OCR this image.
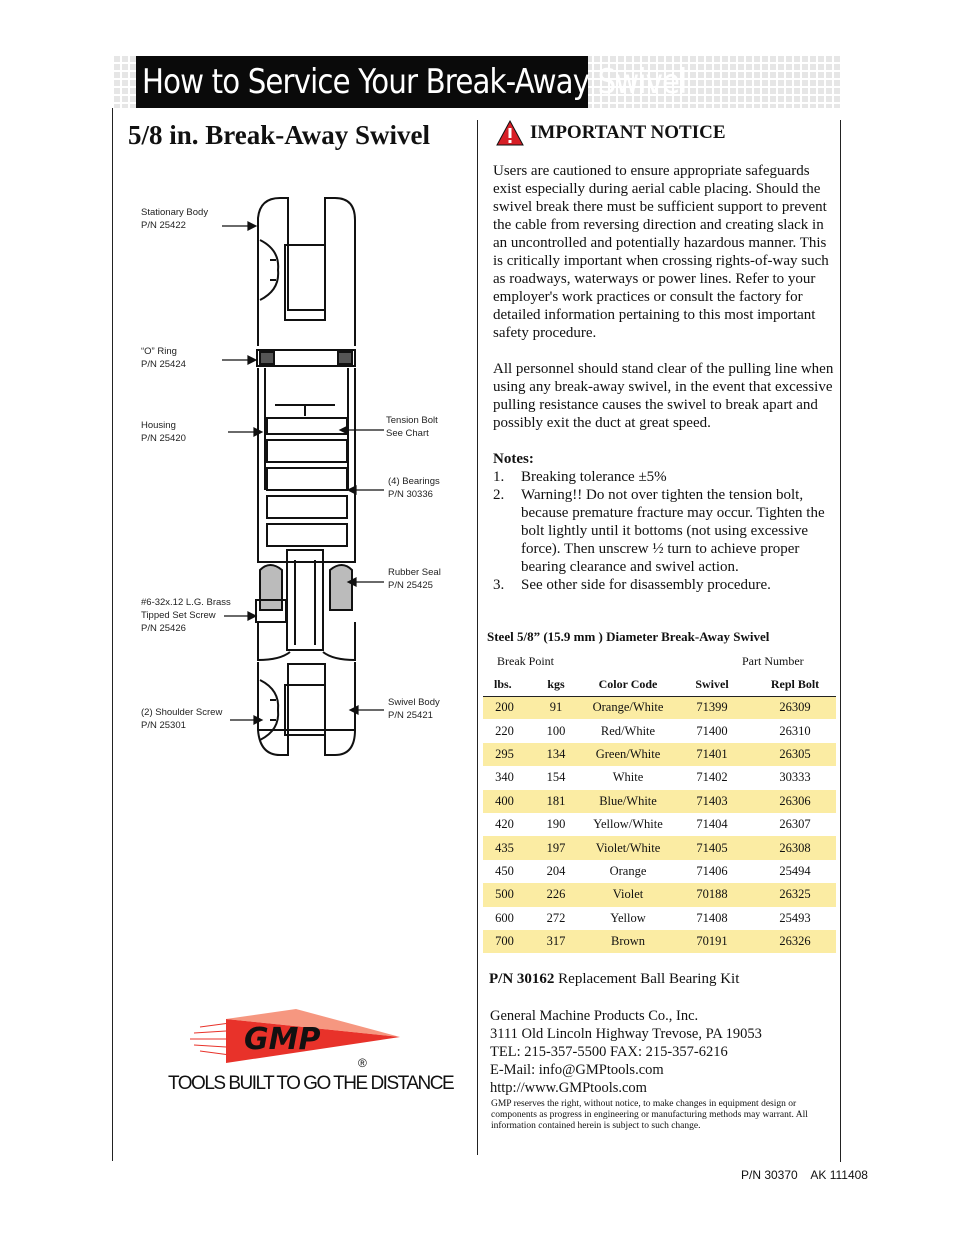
How to Service Your Break-Away Swivel
5/8 in. Break-Away Swivel
Stationary Body
P/N 25422
“O” Ring
P/N 25424
Housing
P/N 25420
Tension Bolt
See Chart
(4) Bearings
P/N 30336
Rubber Seal
P/N 25425
#6-32x.12 L.G. Brass
Tipped Set Screw
P/N 25426
Swivel Body
P/N 25421
(2) Shoulder Screw
P/N 25301
IMPORTANT NOTICE

Users are cautioned to ensure appropriate safeguards exist especially during aerial cable placing. Should the swivel break there must be sufficient support to prevent the cable from reversing direction and creating slack in an uncontrolled and potentially hazardous manner. This is critically important when crossing rights-of-way such as roadways, waterways or power lines. Refer to your employer's work practices or consult the factory for detailed information pertaining to this most important safety procedure.

All personnel should stand clear of the pulling line when using any break-away swivel, in the event that excessive pulling resistance causes the swivel to break apart and possibly exit the duct at great speed.

Notes:
1.	Breaking tolerance ±5%
2.	Warning!! Do not over tighten the tension bolt, because premature fracture may occur. Tighten the bolt lightly until it bottoms (not using excessive force). Then unscrew ½ turn to achieve proper bearing clearance and swivel action.
3.	See other side for disassembly procedure.
Steel 5/8” (15.9 mm ) Diameter Break-Away Swivel
Break Point	Part Number
lbs.	kgs	Color Code	Swivel	Repl Bolt
200	91	Orange/White	71399	26309
220	100	Red/White	71400	26310
295	134	Green/White	71401	26305
340	154	White	71402	30333
400	181	Blue/White	71403	26306
420	190	Yellow/White	71404	26307
435	197	Violet/White	71405	26308
450	204	Orange	71406	25494
500	226	Violet	70188	26325
600	272	Yellow	71408	25493
700	317	Brown	70191	26326
P/N 30162 Replacement Ball Bearing Kit
General Machine Products Co., Inc.
3111 Old Lincoln Highway Trevose, PA 19053
TEL: 215-357-5500 FAX: 215-357-6216
E-Mail: info@GMPtools.com
http://www.GMPtools.com
GMP reserves the right, without notice, to make changes in equipment design or components as progress in engineering or manufacturing methods may warrant. All information contained herein is subject to such change.
GMP
®
TOOLS BUILT TO GO THE DISTANCE
P/N 30370    AK 111408
